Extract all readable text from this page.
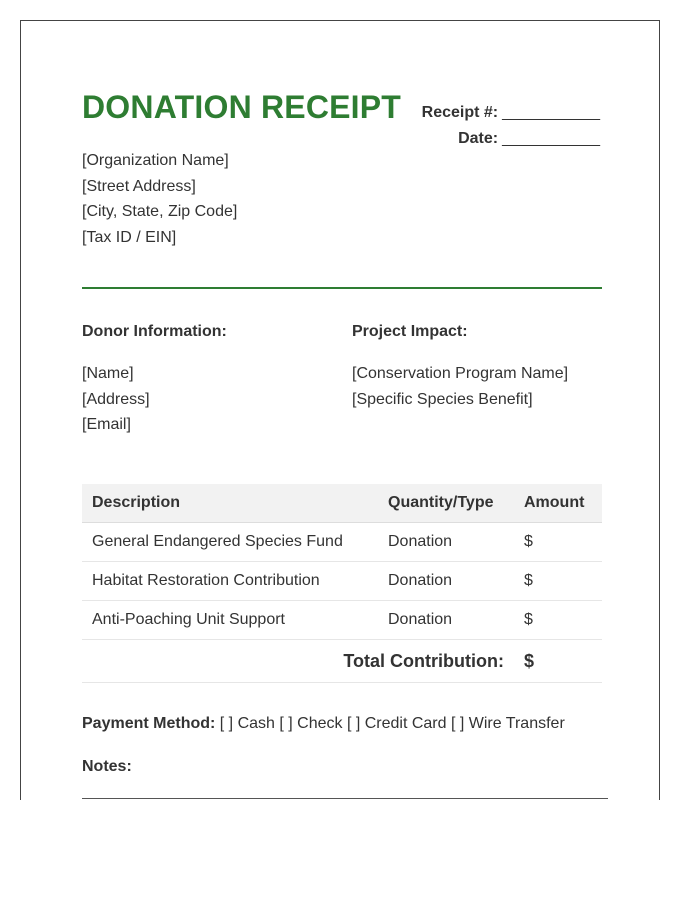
DONATION RECEIPT Receipt #: ___________
Date: ___________
[Organization Name]
[Street Address]
[City, State, Zip Code]
[Tax ID / EIN]
Donor Information:	Project Impact:
[Name]
[Address]
[Email]
[Conservation Program Name]
[Specific Species Benefit]
Description	Quantity/Type	Amount
General Endangered Species Fund	Donation	$
Habitat Restoration Contribution	Donation	$
Anti-Poaching Unit Support	Donation	$
Total Contribution:		$
Payment Method: [ ] Cash [ ] Check [ ] Credit Card [ ] Wire Transfer
Notes:
